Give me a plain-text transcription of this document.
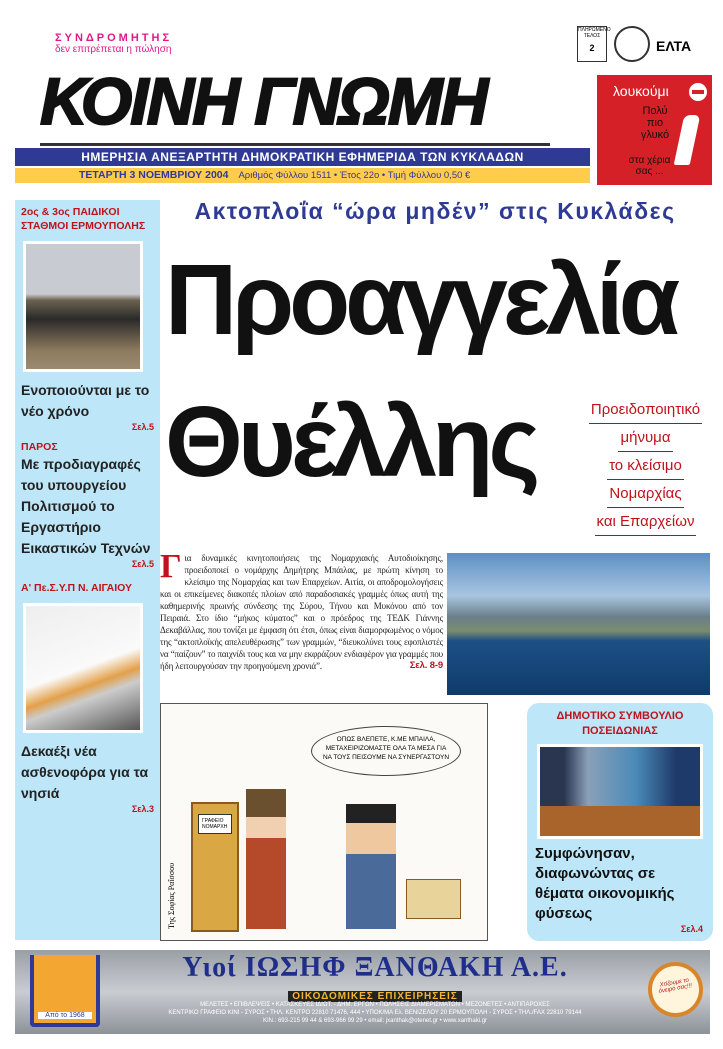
ΣΥΝΔΡΟΜΗΤΗΣ
δεν επιτρέπεται η πώληση
ΚΟΙΝΗ ΓΝΩΜΗ
ΗΜΕΡΗΣΙΑ ΑΝΕΞΑΡΤΗΤΗ ΔΗΜΟΚΡΑΤΙΚΗ ΕΦΗΜΕΡΙΔΑ ΤΩΝ ΚΥΚΛΑΔΩΝ
ΤΕΤΑΡΤΗ 3 ΝΟΕΜΒΡΙΟΥ 2004 Αριθμός Φύλλου 1511 • Έτος 22ο • Τιμή Φύλλου 0,50 €
ΠΛΗΡΩΜΕΝΟ ΤΕΛΟΣ
2	ΕΛΤΑ
λουκούμι
Πολύ πιο γλυκό
στα χέρια σας ...
2ος & 3ος ΠΑΙΔΙΚΟΙ ΣΤΑΘΜΟΙ ΕΡΜΟΥΠΟΛΗΣ
Ενοποιούνται με το νέο χρόνο
Σελ.5
ΠΑΡΟΣ
Με προδιαγραφές του υπουργείου Πολιτισμού το Εργαστήριο Εικαστικών Τεχνών
Σελ.5
Α' Πε.Σ.Υ.Π Ν. ΑΙΓΑΙΟΥ
Δεκαέξι νέα ασθενοφόρα για τα νησιά
Σελ.3
Ακτοπλοΐα “ώρα μηδέν” στις Κυκλάδες
Προαγγελία
Θυέλλης	Προειδοποιητικό
μήνυμα
το κλείσιμο
Νομαρχίας
και Επαρχείων
Για δυναμικές κινητοποιήσεις της Νομαρχιακής Αυτοδιοίκησης, προειδοποιεί ο νομάρχης Δημήτρης Μπάιλας, με πρώτη κίνηση το κλείσιμο της Νομαρχίας και των Επαρχείων. Αιτία, οι αποδρομολογήσεις και οι επικείμενες διακοπές πλοίων από παραδοσιακές γραμμές όπως αυτή της καθημερινής πρωινής σύνδεσης της Σύρου, Τήνου και Μυκόνου από τον Πειραιά. Στο ίδιο “μήκος κύματος” και ο πρόεδρος της ΤΕΔΚ Γιάννης Δεκαβάλλας, που τονίζει με έμφαση ότι έτσι, όπως είναι διαμορφωμένος ο νόμος της “ακτοπλοϊκής απελευθέρωσης” των γραμμών, “διευκολύνει τους εφοπλιστές να “παίζουν” το παιχνίδι τους και να μην εκφράζουν ενδιαφέρον για γραμμές που ήδη λειτουργούσαν την προηγούμενη χρονιά”.	Σελ. 8-9
ΟΠΩΣ ΒΛΕΠΕΤΕ, Κ.ΜΕ ΜΠΑΙΛΑ, ΜΕΤΑΧΕΙΡΙΖΟΜΑΣΤΕ ΟΛΑ ΤΑ ΜΕΣΑ ΓΙΑ ΝΑ ΤΟΥΣ ΠΕΙΣΟΥΜΕ ΝΑ ΣΥΝΕΡΓΑΣΤΟΥΝ
ΓΡΑΦΕΙΟ ΝΟΜΑΡΧΗ
Της Σοφίας Ραΐσσου
ΔΗΜΟΤΙΚΟ ΣΥΜΒΟΥΛΙΟ ΠΟΣΕΙΔΩΝΙΑΣ
Συμφώνησαν, διαφωνώντας σε θέματα οικονομικής φύσεως
Σελ.4
Από το 1968
Υιοί ΙΩΣΗΦ ΞΑΝΘΑΚΗ Α.Ε.
ΟΙΚΟΔΟΜΙΚΕΣ ΕΠΙΧΕΙΡΗΣΕΙΣ
ΜΕΛΕΤΕΣ • ΕΠΙΒΛΕΨΕΙΣ • ΚΑΤΑΣΚΕΥΕΣ ΙΔΙΩΤ. - ΔΗΜ. ΕΡΓΩΝ • ΠΩΛΗΣΕΙΣ ΔΙΑΜΕΡΙΣΜΑΤΩΝ • ΜΕΖΟΝΕΤΕΣ • ΑΝΤΙΠΑΡΟΧΕΣ
ΚΕΝΤΡΙΚΟ ΓΡΑΦΕΙΟ ΚΙΝΙ - ΣΥΡΟΣ • ΤΗΛ. ΚΕΝΤΡΟ 22810 71476, 444 • ΥΠΟΚ/ΜΑ Ελ. ΒΕΝΙΖΕΛΟΥ 20 ΕΡΜΟΥΠΟΛΗ - ΣΥΡΟΣ • ΤΗΛ./FAX 22810 79144
ΚΙΝ.: 693-215 99 44 & 693-966 99 29 • email: jxanthak@otenet.gr • www.xanthaki.gr
Χτίζουμε το όνειρό σας!!!
